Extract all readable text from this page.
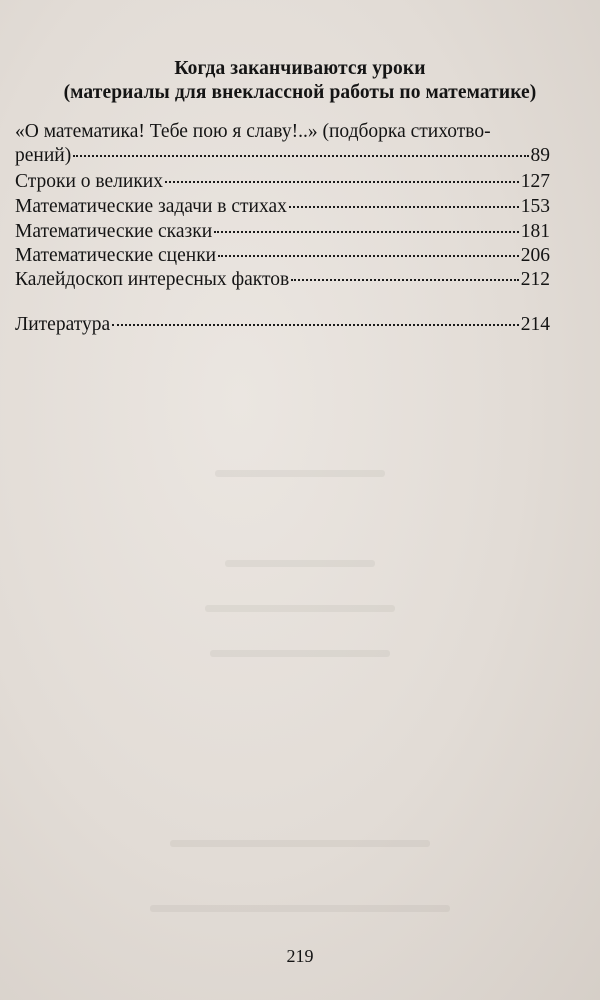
Когда заканчиваются уроки
(материалы для внеклассной работы по математике)
«О математика! Тебе пою я славу!..» (подборка стихотво-
рений)	89
Строки о великих	127
Математические задачи в стихах	153
Математические сказки	181
Математические сценки	206
Калейдоскоп интересных фактов	212
Литература	214
219
